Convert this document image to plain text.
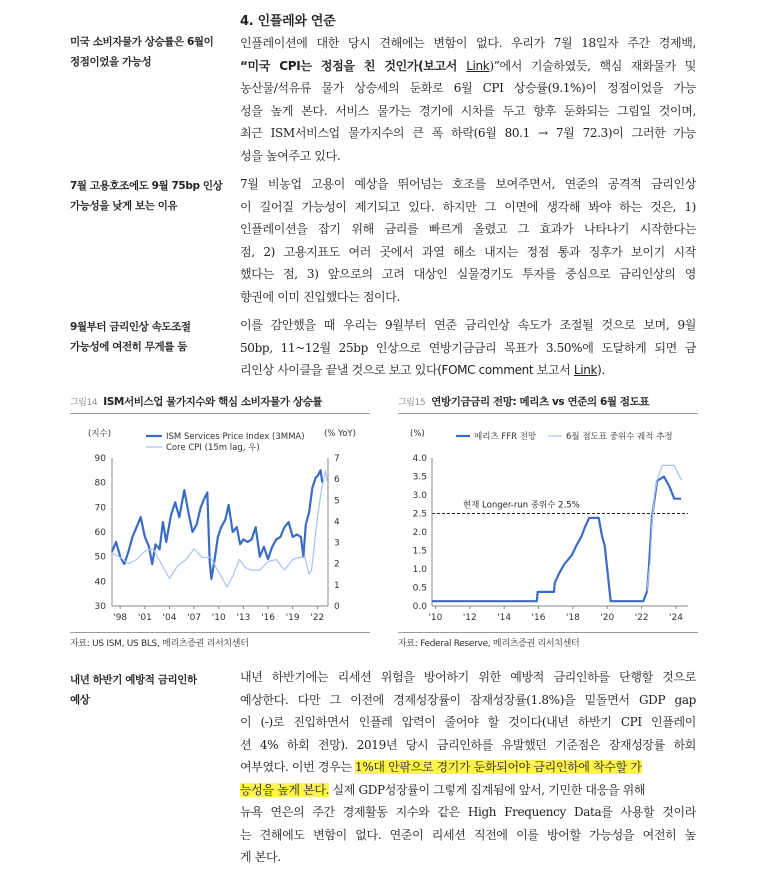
4. 인플레와 연준
미국 소비자물가 상승률은 6월이
정점이었을 가능성
인플레이션에 대한 당시 견해에는 변함이 없다. 우리가 7월 18일자 주간 경제백,
“미국 CPI는 정점을 친 것인가(보고서 Link)”에서 기술하였듯, 핵심 재화물가 및
농산물/석유류 물가 상승세의 둔화로 6월 CPI 상승률(9.1%)이 정점이었을 가능
성을 높게 본다. 서비스 물가는 경기에 시차를 두고 향후 둔화되는 그림일 것이며,
최근 ISM서비스업 물가지수의 큰 폭 하락(6월 80.1 → 7월 72.3)이 그러한 가능
성을 높여주고 있다.
7월 고용호조에도 9월 75bp 인상
가능성을 낮게 보는 이유
7월 비농업 고용이 예상을 뛰어넘는 호조를 보여주면서, 연준의 공격적 금리인상
이 길어질 가능성이 제기되고 있다. 하지만 그 이면에 생각해 봐야 하는 것은, 1)
인플레이션을 잡기 위해 금리를 빠르게 올렸고 그 효과가 나타나기 시작한다는
점, 2) 고용지표도 여러 곳에서 과열 해소 내지는 정점 통과 징후가 보이기 시작
했다는 점, 3) 앞으로의 고려 대상인 실물경기도 투자를 중심으로 금리인상의 영
향권에 이미 진입했다는 점이다.
9월부터 금리인상 속도조절
가능성에 여전히 무게를 둠
이를 감안했을 때 우리는 9월부터 연준 금리인상 속도가 조절될 것으로 보며, 9월
50bp, 11~12월 25bp 인상으로 연방기금금리 목표가 3.50%에 도달하게 되면 금
리인상 사이클을 끝낼 것으로 보고 있다(FOMC comment 보고서 Link).
그림14 ISM서비스업 물가지수와 핵심 소비자물가 상승률
30
40
50
60
70
80
90
0
1
2
3
4
5
6
7
'98 '01 '04 '07 '10 '13 '16 '19 '22
(지수)	(% YoY)
ISM Services Price Index (3MMA)
Core CPI (15m lag, 우)
자료: US ISM, US BLS, 메리츠증권 리서치센터
그림15 연방기금금리 전망: 메리츠 vs 연준의 6월 점도표
현재 Longer-run 중위수 2.5%
0.0
0.5
1.0
1.5
2.0
2.5
3.0
3.5
4.0
'10 '12 '14 '16 '18 '20 '22 '24
(%)	메리츠 FFR 전망	6월 점도표 중위수 궤적 추정
자료: Federal Reserve, 메리츠증권 리서치센터
내년 하반기 예방적 금리인하
예상
내년 하반기에는 리세션 위험을 방어하기 위한 예방적 금리인하를 단행할 것으로
예상한다. 다만 그 이전에 경제성장률이 잠재성장률(1.8%)을 밑돌면서 GDP gap
이 (-)로 진입하면서 인플레 압력이 줄어야 할 것이다(내년 하반기 CPI 인플레이
션 4% 하회 전망). 2019년 당시 금리인하를 유발했던 기준점은 잠재성장률 하회
여부였다. 이번 경우는 1%대 안팎으로 경기가 둔화되어야 금리인하에 착수할 가
능성을 높게 본다. 실제 GDP성장률이 그렇게 집계됨에 앞서, 기민한 대응을 위해
뉴욕 연은의 주간 경제활동 지수와 같은 High Frequency Data를 사용할 것이라
는 견해에도 변함이 없다. 연준이 리세션 직전에 이를 방어할 가능성을 여전히 높
게 본다.
